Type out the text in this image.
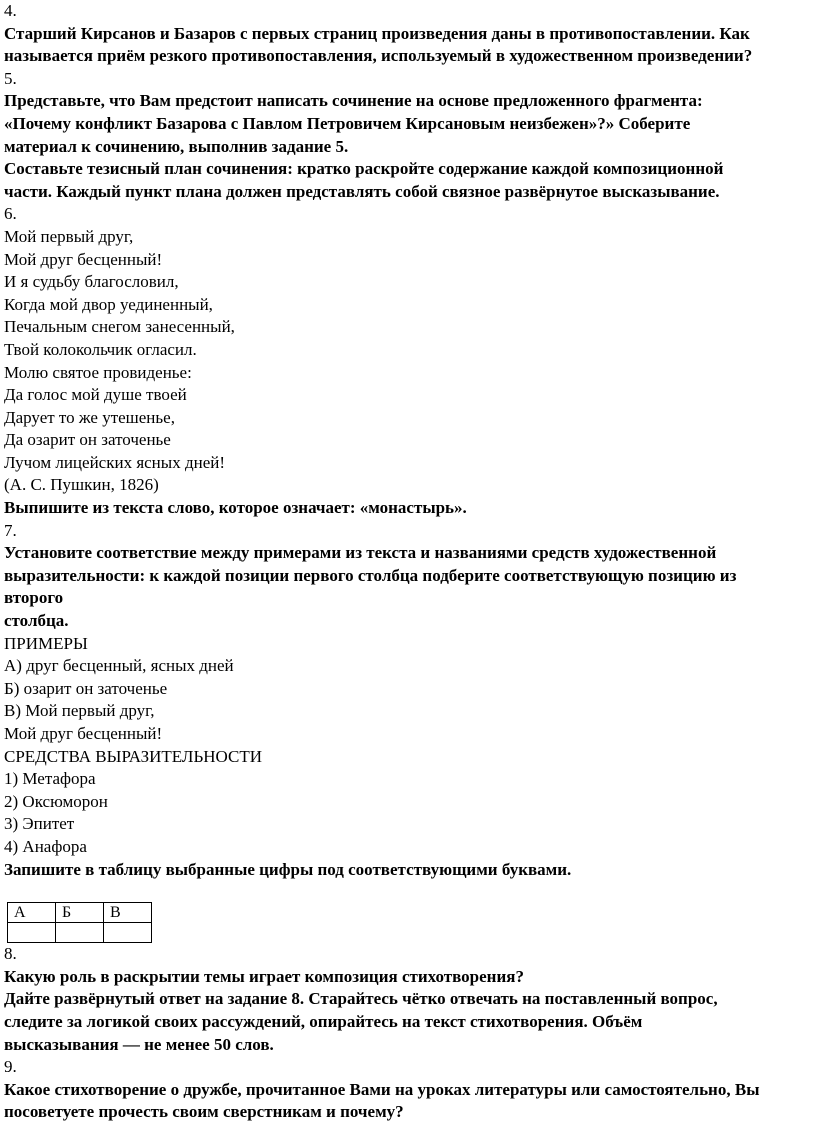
4.
Старший Кирсанов и Базаров с первых страниц произведения даны в противопоставлении. Как
называется приём резкого противопоставления, используемый в художественном произведении?
5.
Представьте, что Вам предстоит написать сочинение на основе предложенного фрагмента:
«Почему конфликт Базарова с Павлом Петровичем Кирсановым неизбежен»?» Соберите
материал к сочинению, выполнив задание 5.
Составьте тезисный план сочинения: кратко раскройте содержание каждой композиционной
части. Каждый пункт плана должен представлять собой связное развёрнутое высказывание.
6.
Мой первый друг,
Мой друг бесценный!
И я судьбу благословил,
Когда мой двор уединенный,
Печальным снегом занесенный,
Твой колокольчик огласил.
Молю святое провиденье:
Да голос мой душе твоей
Дарует то же утешенье,
Да озарит он заточенье
Лучом лицейских ясных дней!
(А. С. Пушкин, 1826)
Выпишите из текста слово, которое означает: «монастырь».
7.
Установите соответствие между примерами из текста и названиями средств художественной
выразительности: к каждой позиции первого столбца подберите соответствующую позицию из
второго
столбца.
ПРИМЕРЫ
А) друг бесценный, ясных дней
Б) озарит он заточенье
В) Мой первый друг,
Мой друг бесценный!
СРЕДСТВА ВЫРАЗИТЕЛЬНОСТИ
1) Метафора
2) Оксюморон
3) Эпитет
4) Анафора
Запишите в таблицу выбранные цифры под соответствующими буквами.
А	Б	В

8.
Какую роль в раскрытии темы играет композиция стихотворения?
Дайте развёрнутый ответ на задание 8. Старайтесь чётко отвечать на поставленный вопрос,
следите за логикой своих рассуждений, опирайтесь на текст стихотворения. Объём
высказывания — не менее 50 слов.
9.
Какое стихотворение о дружбе, прочитанное Вами на уроках литературы или самостоятельно, Вы
посоветуете прочесть своим сверстникам и почему?
